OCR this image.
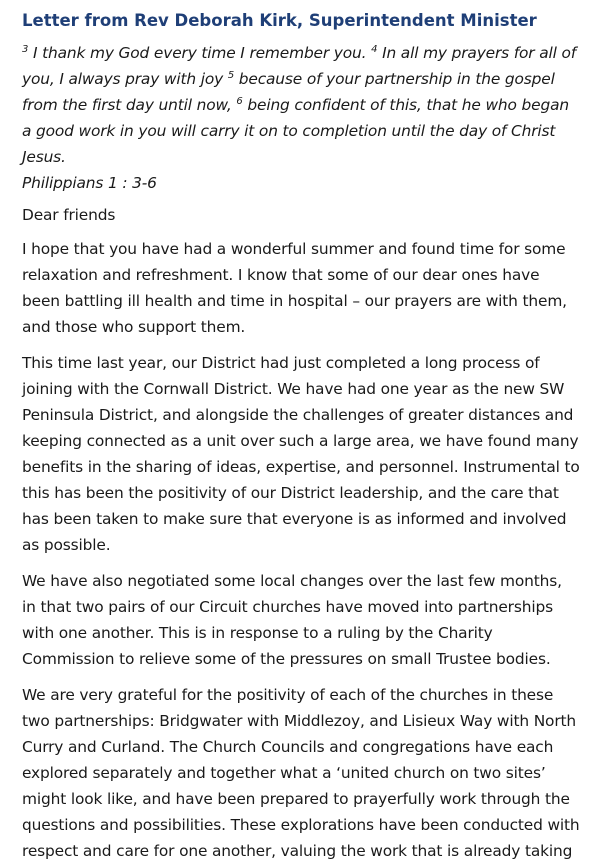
Letter from Rev Deborah Kirk, Superintendent Minister
$^3$ I thank my God every time I remember you. $^4$ In all my prayers for all of you, I always pray with joy $^5$ because of your partnership in the gospel from the first day until now, $^6$ being confident of this, that he who began a good work in you will carry it on to completion until the day of Christ Jesus.
Philippians 1 : 3-6

Dear friends

I hope that you have had a wonderful summer and found time for some relaxation and refreshment. I know that some of our dear ones have been battling ill health and time in hospital – our prayers are with them, and those who support them.

This time last year, our District had just completed a long process of joining with the Cornwall District. We have had one year as the new SW Peninsula District, and alongside the challenges of greater distances and keeping connected as a unit over such a large area, we have found many benefits in the sharing of ideas, expertise, and personnel. Instrumental to this has been the positivity of our District leadership, and the care that has been taken to make sure that everyone is as informed and involved as possible.

We have also negotiated some local changes over the last few months, in that two pairs of our Circuit churches have moved into partnerships with one another. This is in response to a ruling by the Charity Commission to relieve some of the pressures on small Trustee bodies.

We are very grateful for the positivity of each of the churches in these two partnerships: Bridgwater with Middlezoy, and Lisieux Way with North Curry and Curland. The Church Councils and congregations have each explored separately and together what a ‘united church on two sites’ might look like, and have been prepared to prayerfully work through the questions and possibilities. These explorations have been conducted with respect and care for one another, valuing the work that is already taking
